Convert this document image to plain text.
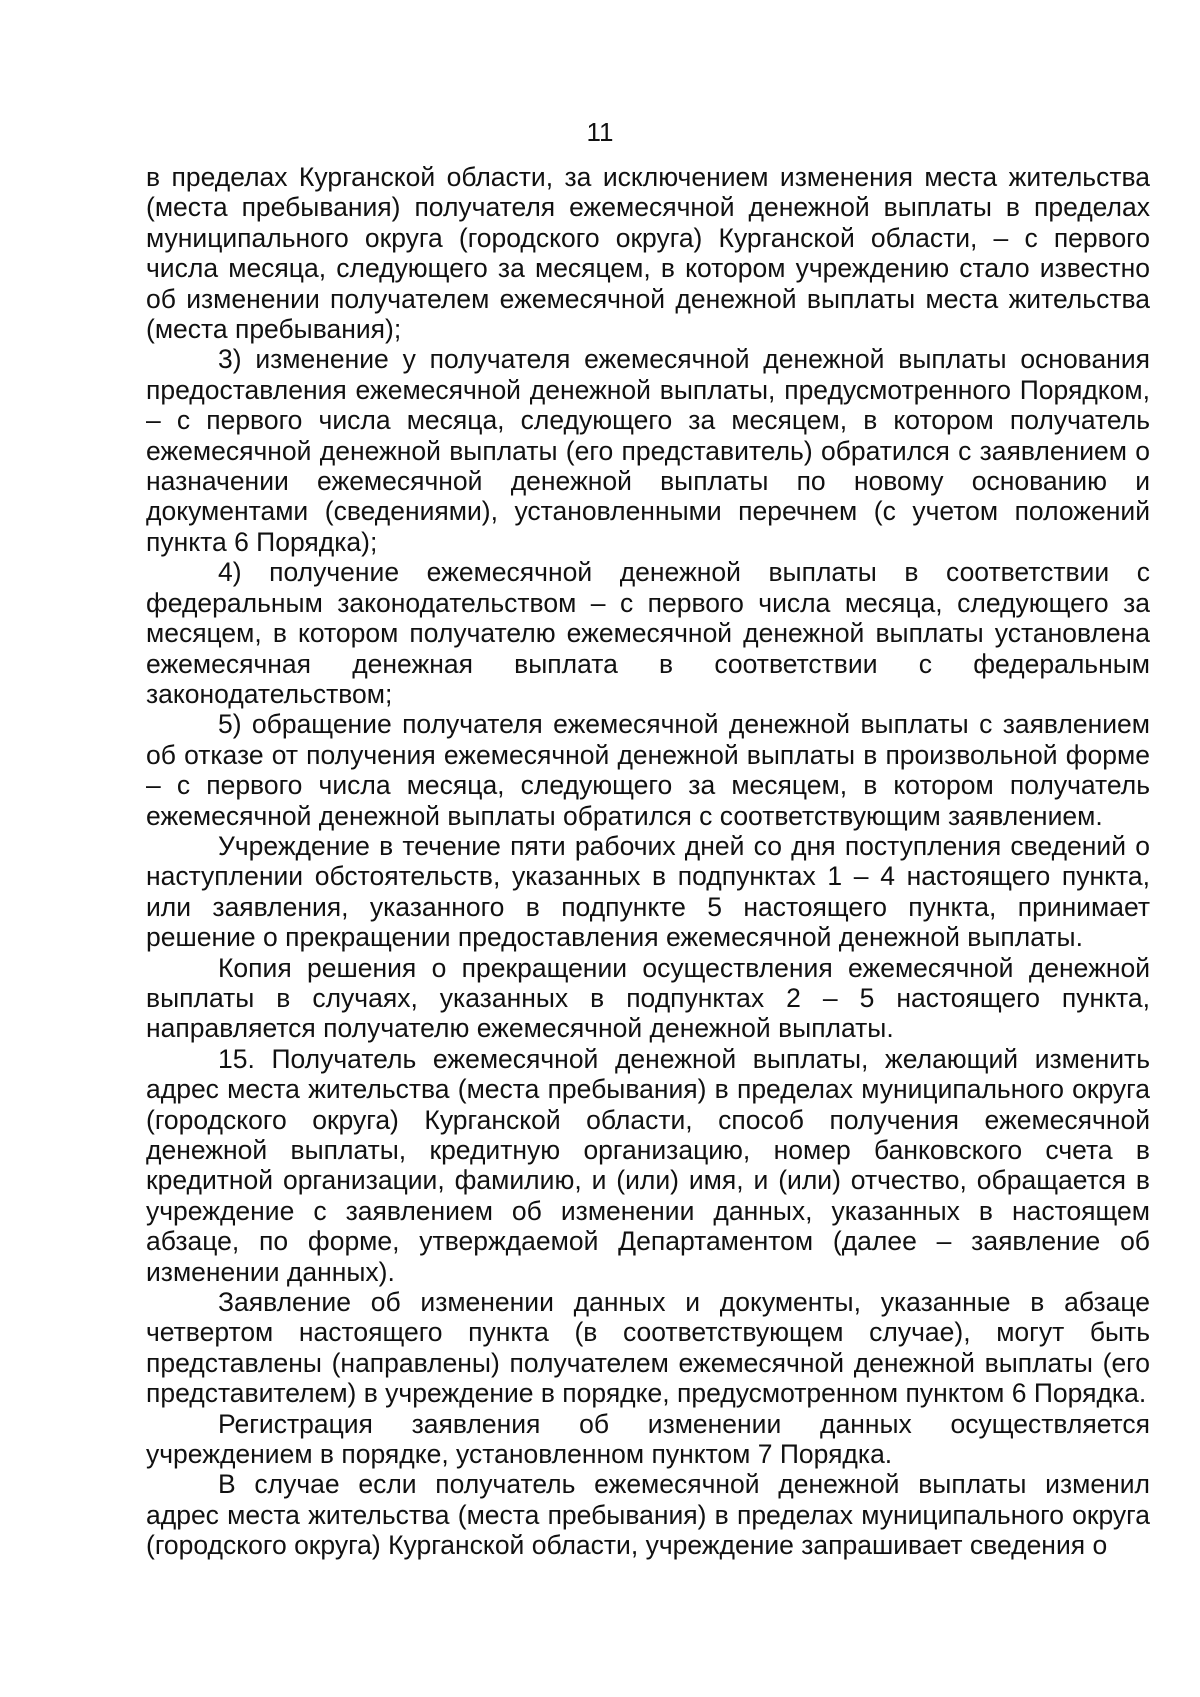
11

в пределах Курганской области, за исключением изменения места жительства (места пребывания) получателя ежемесячной денежной выплаты в пределах муниципального округа (городского округа) Курганской области, – с первого числа месяца, следующего за месяцем, в котором учреждению стало известно об изменении получателем ежемесячной денежной выплаты места жительства (места пребывания);

3) изменение у получателя ежемесячной денежной выплаты основания предоставления ежемесячной денежной выплаты, предусмотренного Порядком, – с первого числа месяца, следующего за месяцем, в котором получатель ежемесячной денежной выплаты (его представитель) обратился с заявлением о назначении ежемесячной денежной выплаты по новому основанию и документами (сведениями), установленными перечнем (с учетом положений пункта 6 Порядка);

4) получение ежемесячной денежной выплаты в соответствии с федеральным законодательством – с первого числа месяца, следующего за месяцем, в котором получателю ежемесячной денежной выплаты установлена ежемесячная денежная выплата в соответствии с федеральным законодательством;

5) обращение получателя ежемесячной денежной выплаты с заявлением об отказе от получения ежемесячной денежной выплаты в произвольной форме – с первого числа месяца, следующего за месяцем, в котором получатель ежемесячной денежной выплаты обратился с соответствующим заявлением.

Учреждение в течение пяти рабочих дней со дня поступления сведений о наступлении обстоятельств, указанных в подпунктах 1 – 4 настоящего пункта, или заявления, указанного в подпункте 5 настоящего пункта, принимает решение о прекращении предоставления ежемесячной денежной выплаты.

Копия решения о прекращении осуществления ежемесячной денежной выплаты в случаях, указанных в подпунктах 2 – 5 настоящего пункта, направляется получателю ежемесячной денежной выплаты.

15. Получатель ежемесячной денежной выплаты, желающий изменить адрес места жительства (места пребывания) в пределах муниципального округа (городского округа) Курганской области, способ получения ежемесячной денежной выплаты, кредитную организацию, номер банковского счета в кредитной организации, фамилию, и (или) имя, и (или) отчество, обращается в учреждение с заявлением об изменении данных, указанных в настоящем абзаце, по форме, утверждаемой Департаментом (далее – заявление об изменении данных).

Заявление об изменении данных и документы, указанные в абзаце четвертом настоящего пункта (в соответствующем случае), могут быть представлены (направлены) получателем ежемесячной денежной выплаты (его представителем) в учреждение в порядке, предусмотренном пунктом 6 Порядка.

Регистрация заявления об изменении данных осуществляется учреждением в порядке, установленном пунктом 7 Порядка.

В случае если получатель ежемесячной денежной выплаты изменил адрес места жительства (места пребывания) в пределах муниципального округа (городского округа) Курганской области, учреждение запрашивает сведения о
